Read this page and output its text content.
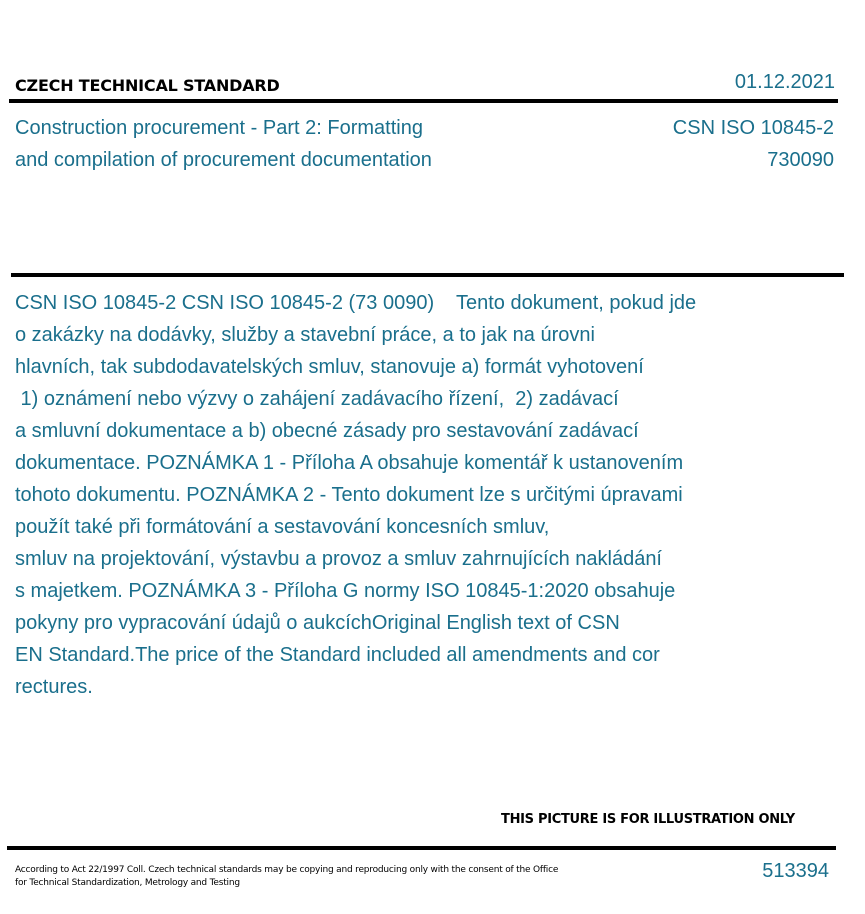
CZECH TECHNICAL STANDARD	01.12.2021
Construction procurement - Part 2: Formatting
and compilation of procurement documentation
CSN ISO 10845-2
730090
CSN ISO 10845-2 CSN ISO 10845-2 (73 0090)    Tento dokument, pokud jde
o zakázky na dodávky, služby a stavební práce, a to jak na úrovni
hlavních, tak subdodavatelských smluv, stanovuje a) formát vyhotovení
1) oznámení nebo výzvy o zahájení zadávacího řízení,  2) zadávací
a smluvní dokumentace a b) obecné zásady pro sestavování zadávací
dokumentace. POZNÁMKA 1 - Příloha A obsahuje komentář k ustanovením
tohoto dokumentu. POZNÁMKA 2 - Tento dokument lze s určitými úpravami
použít také při formátování a sestavování koncesních smluv,
smluv na projektování, výstavbu a provoz a smluv zahrnujících nakládání
s majetkem. POZNÁMKA 3 - Příloha G normy ISO 10845-1:2020 obsahuje
pokyny pro vypracování údajů o aukcíchOriginal English text of CSN
EN Standard.The price of the Standard included all amendments and cor
rectures.
THIS PICTURE IS FOR ILLUSTRATION ONLY
According to Act 22/1997 Coll. Czech technical standards may be copying and reproducing only with the consent of the Office
for Technical Standardization, Metrology and Testing
513394
